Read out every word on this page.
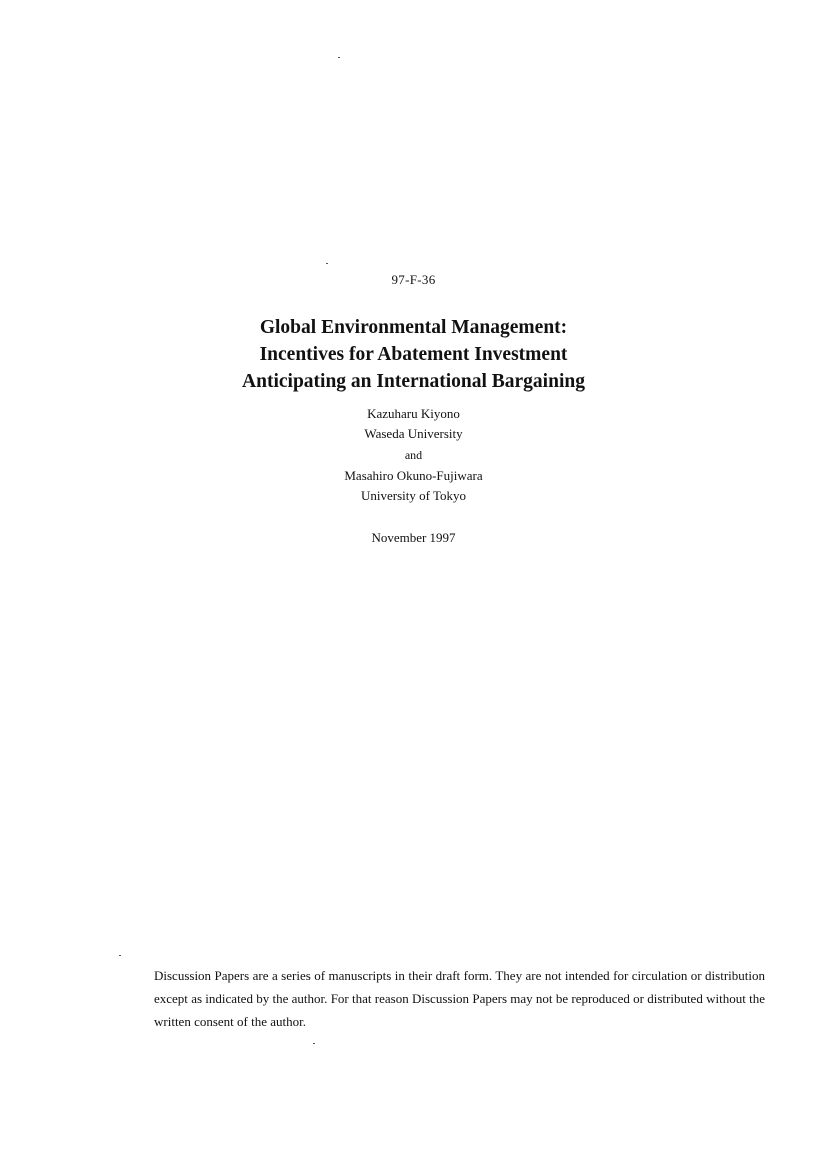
97-F-36
Global Environmental Management:
Incentives for Abatement Investment
Anticipating an International Bargaining
Kazuharu Kiyono
Waseda University
and
Masahiro Okuno-Fujiwara
University of Tokyo
November 1997

Discussion Papers are a series of manuscripts in their draft form. They are not intended for circulation or distribution except as indicated by the author. For that reason Discussion Papers may not be reproduced or distributed without the written consent of the author.
